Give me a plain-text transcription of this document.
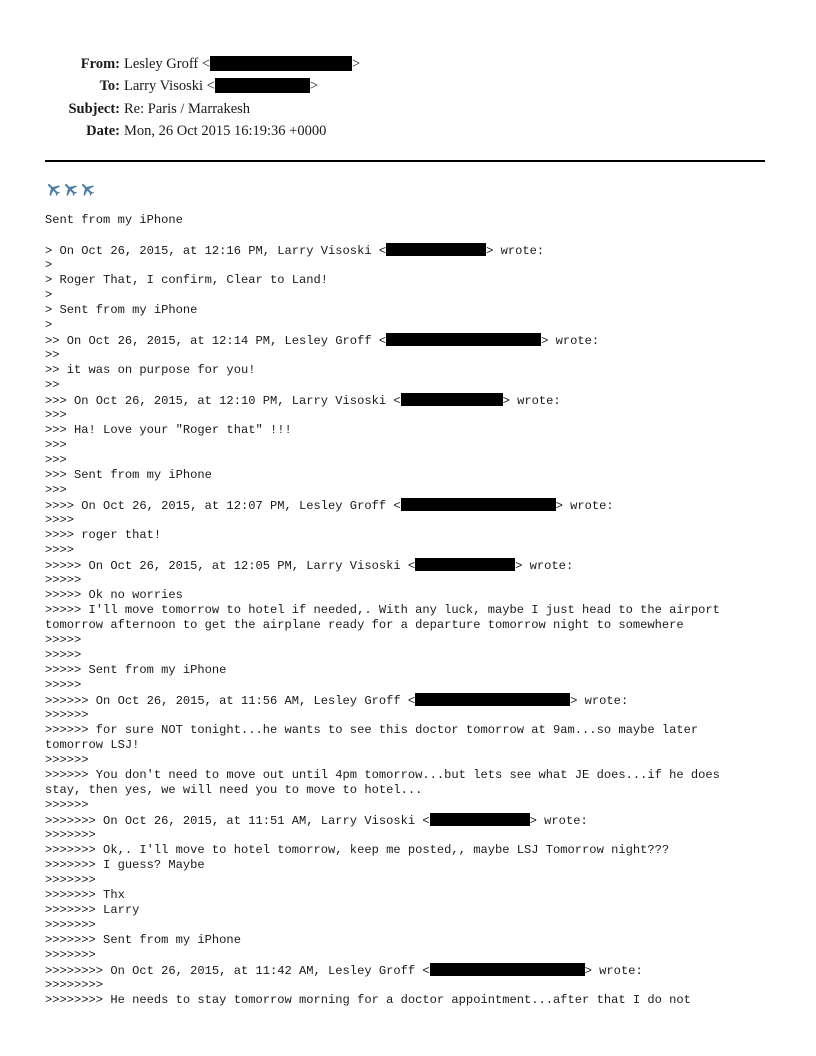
From: Lesley Groff <	>
To: Larry Visoski <	>
Subject: Re: Paris / Marrakesh
Date: Mon, 26 Oct 2015 16:19:36 +0000
Sent from my iPhone
> On Oct 26, 2015, at 12:16 PM, Larry Visoski <	> wrote:
>
> Roger That, I confirm, Clear to Land!
>
> Sent from my iPhone
>
>> On Oct 26, 2015, at 12:14 PM, Lesley Groff <	> wrote:
>>
>> it was on purpose for you!
>>
>>> On Oct 26, 2015, at 12:10 PM, Larry Visoski <	> wrote:
>>>
>>> Ha! Love your "Roger that" !!!
>>>
>>>
>>> Sent from my iPhone
>>>
>>>> On Oct 26, 2015, at 12:07 PM, Lesley Groff <	> wrote:
>>>>
>>>> roger that!
>>>>
>>>>> On Oct 26, 2015, at 12:05 PM, Larry Visoski <	> wrote:
>>>>>
>>>>> Ok no worries
>>>>> I'll move tomorrow to hotel if needed,. With any luck, maybe I just head to the airport
tomorrow afternoon to get the airplane ready for a departure tomorrow night to somewhere
>>>>>
>>>>>
>>>>> Sent from my iPhone
>>>>>
>>>>>> On Oct 26, 2015, at 11:56 AM, Lesley Groff <	> wrote:
>>>>>>
>>>>>> for sure NOT tonight...he wants to see this doctor tomorrow at 9am...so maybe later
tomorrow LSJ!
>>>>>>
>>>>>> You don't need to move out until 4pm tomorrow...but lets see what JE does...if he does
stay, then yes, we will need you to move to hotel...
>>>>>>
>>>>>>> On Oct 26, 2015, at 11:51 AM, Larry Visoski <	> wrote:
>>>>>>>
>>>>>>> Ok,. I'll move to hotel tomorrow, keep me posted,, maybe LSJ Tomorrow night???
>>>>>>> I guess? Maybe
>>>>>>>
>>>>>>> Thx
>>>>>>> Larry
>>>>>>>
>>>>>>> Sent from my iPhone
>>>>>>>
>>>>>>>> On Oct 26, 2015, at 11:42 AM, Lesley Groff <	> wrote:
>>>>>>>>
>>>>>>>> He needs to stay tomorrow morning for a doctor appointment...after that I do not
